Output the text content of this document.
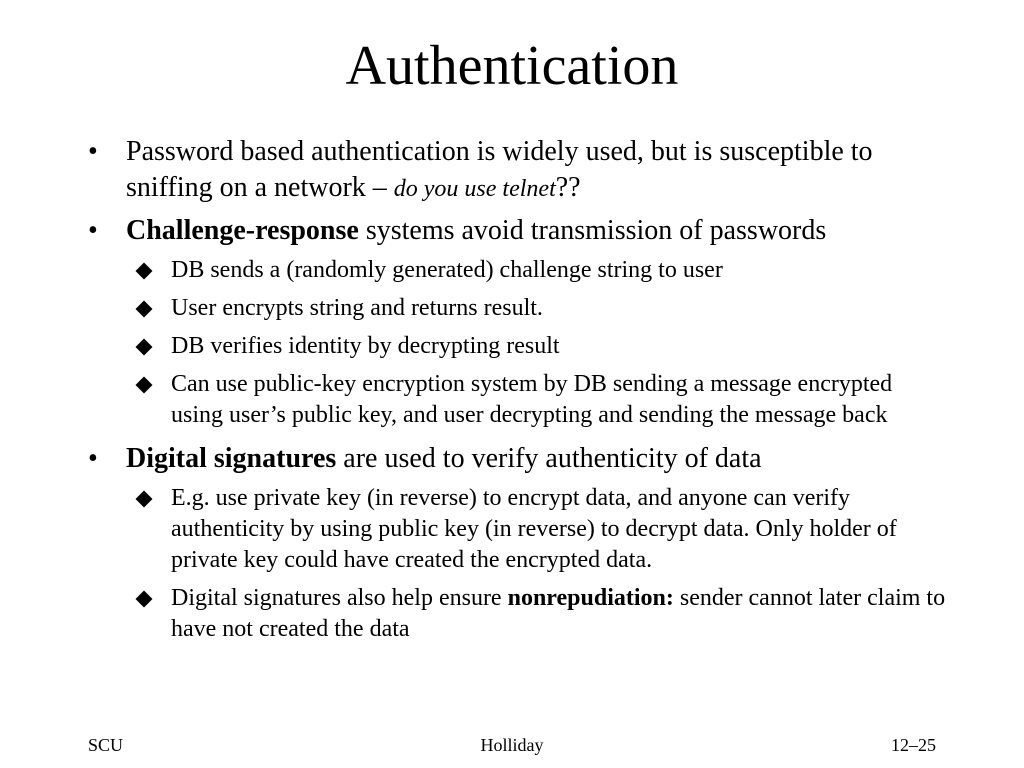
Authentication
• Password based authentication is widely used, but is susceptible to sniffing on a network – do you use telnet??
• Challenge-response systems avoid transmission of passwords
DB sends a (randomly generated) challenge string to user
User encrypts string and returns result.
DB verifies identity by decrypting result
Can use public-key encryption system by DB sending a message encrypted using user’s public key, and user decrypting and sending the message back
• Digital signatures are used to verify authenticity of data
E.g. use private key (in reverse) to encrypt data, and anyone can verify authenticity by using public key (in reverse) to decrypt data. Only holder of private key could have created the encrypted data.
Digital signatures also help ensure nonrepudiation: sender cannot later claim to have not created the data
Holliday
SCU	12–25
